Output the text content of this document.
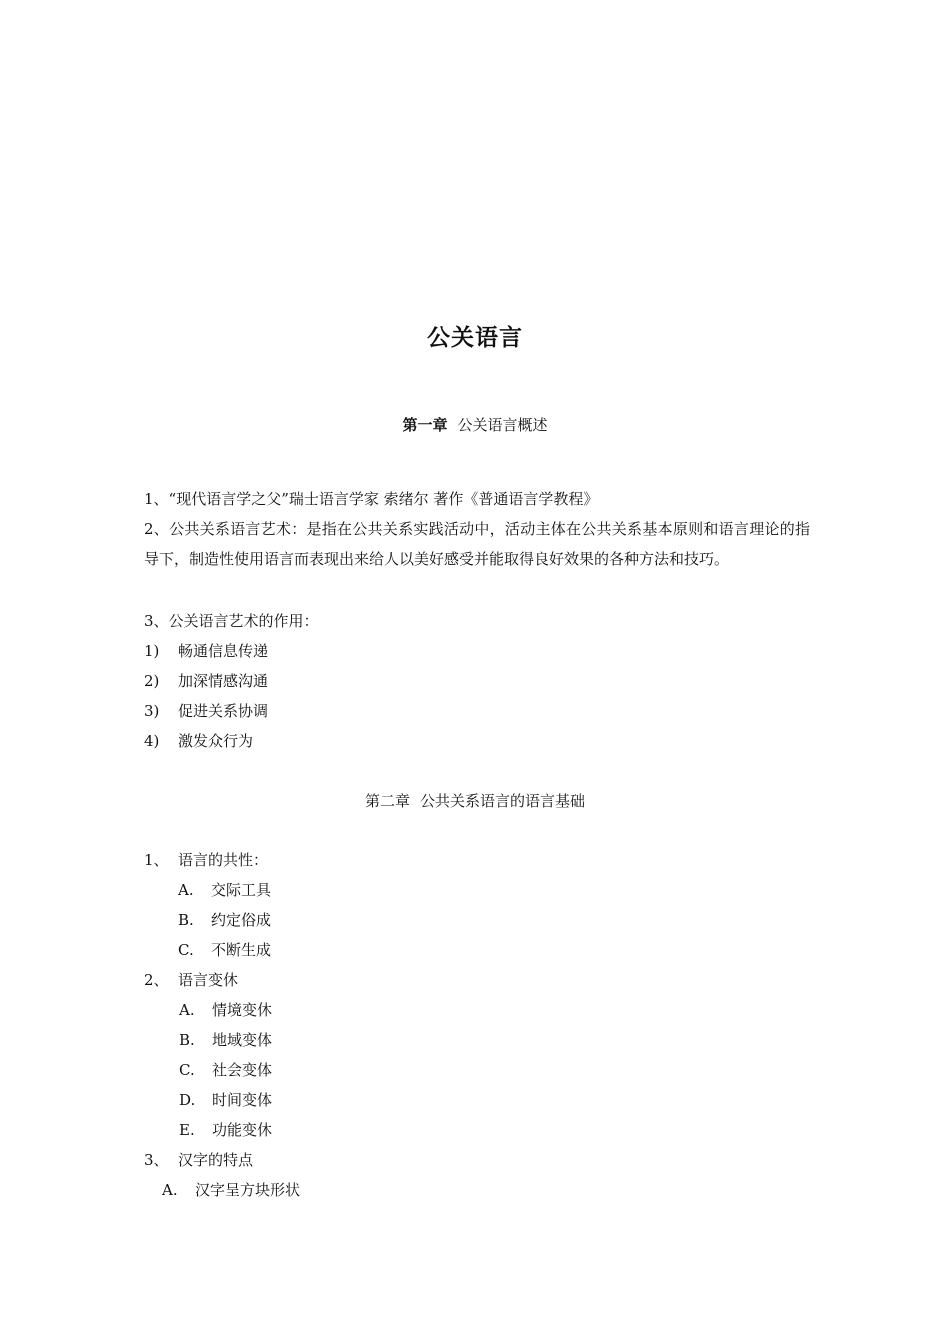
公关语言
第一章 公关语言概述
1、“现代语言学之父”瑞士语言学家 索绪尔 著作《普通语言学教程》
2、公共关系语言艺术：是指在公共关系实践活动中，活动主体在公共关系基本原则和语言理论的指导下，制造性使用语言而表现出来给人以美好感受并能取得良好效果的各种方法和技巧。
3、公关语言艺术的作用：
1) 畅通信息传递
2) 加深情感沟通
3) 促进关系协调
4) 激发众行为
第二章 公共关系语言的语言基础
1、 语言的共性：
A. 交际工具
B. 约定俗成
C. 不断生成
2、 语言变休
A. 情境变休
B. 地域变体
C. 社会变体
D. 时间变体
E. 功能变休
3、 汉字的特点
A. 汉字呈方块形状
